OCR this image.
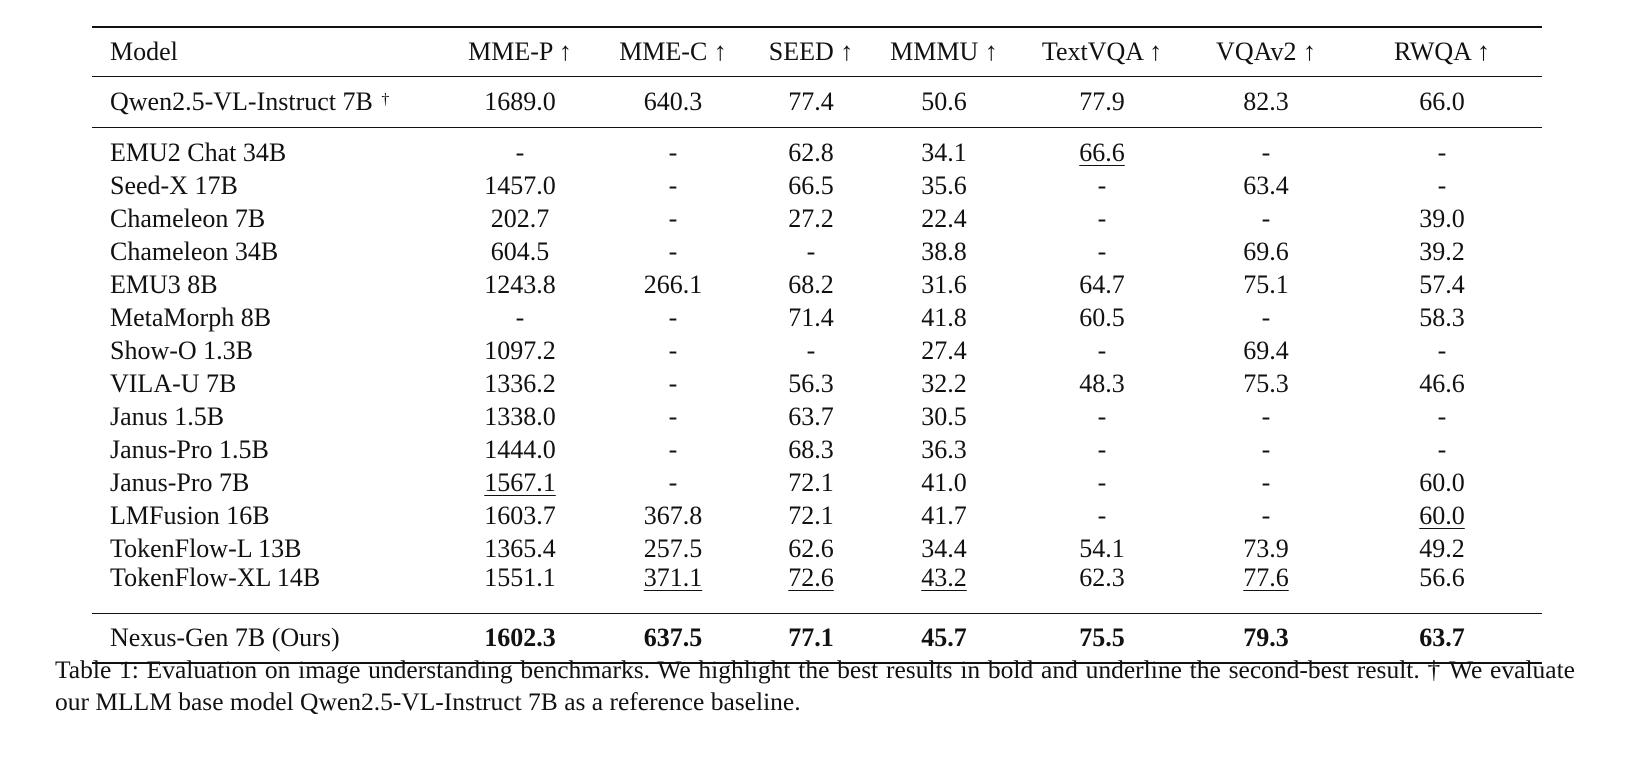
Model	MME-P ↑	MME-C ↑	SEED ↑	MMMU ↑	TextVQA ↑	VQAv2 ↑	RWQA ↑
Qwen2.5-VL-Instruct 7B †	1689.0	640.3	77.4	50.6	77.9	82.3	66.0
EMU2 Chat 34B	-	-	62.8	34.1	66.6	-	-
Seed-X 17B	1457.0	-	66.5	35.6	-	63.4	-
Chameleon 7B	202.7	-	27.2	22.4	-	-	39.0
Chameleon 34B	604.5	-	-	38.8	-	69.6	39.2
EMU3 8B	1243.8	266.1	68.2	31.6	64.7	75.1	57.4
MetaMorph 8B	-	-	71.4	41.8	60.5	-	58.3
Show-O 1.3B	1097.2	-	-	27.4	-	69.4	-
VILA-U 7B	1336.2	-	56.3	32.2	48.3	75.3	46.6
Janus 1.5B	1338.0	-	63.7	30.5	-	-	-
Janus-Pro 1.5B	1444.0	-	68.3	36.3	-	-	-
Janus-Pro 7B	1567.1	-	72.1	41.0	-	-	60.0
LMFusion 16B	1603.7	367.8	72.1	41.7	-	-	60.0
TokenFlow-L 13B	1365.4	257.5	62.6	34.4	54.1	73.9	49.2
TokenFlow-XL 14B	1551.1	371.1	72.6	43.2	62.3	77.6	56.6
Nexus-Gen 7B (Ours)	1602.3	637.5	77.1	45.7	75.5	79.3	63.7
Table 1: Evaluation on image understanding benchmarks. We highlight the best results in bold and underline the second-best result. † We evaluate our MLLM base model Qwen2.5-VL-Instruct 7B as a reference baseline.
